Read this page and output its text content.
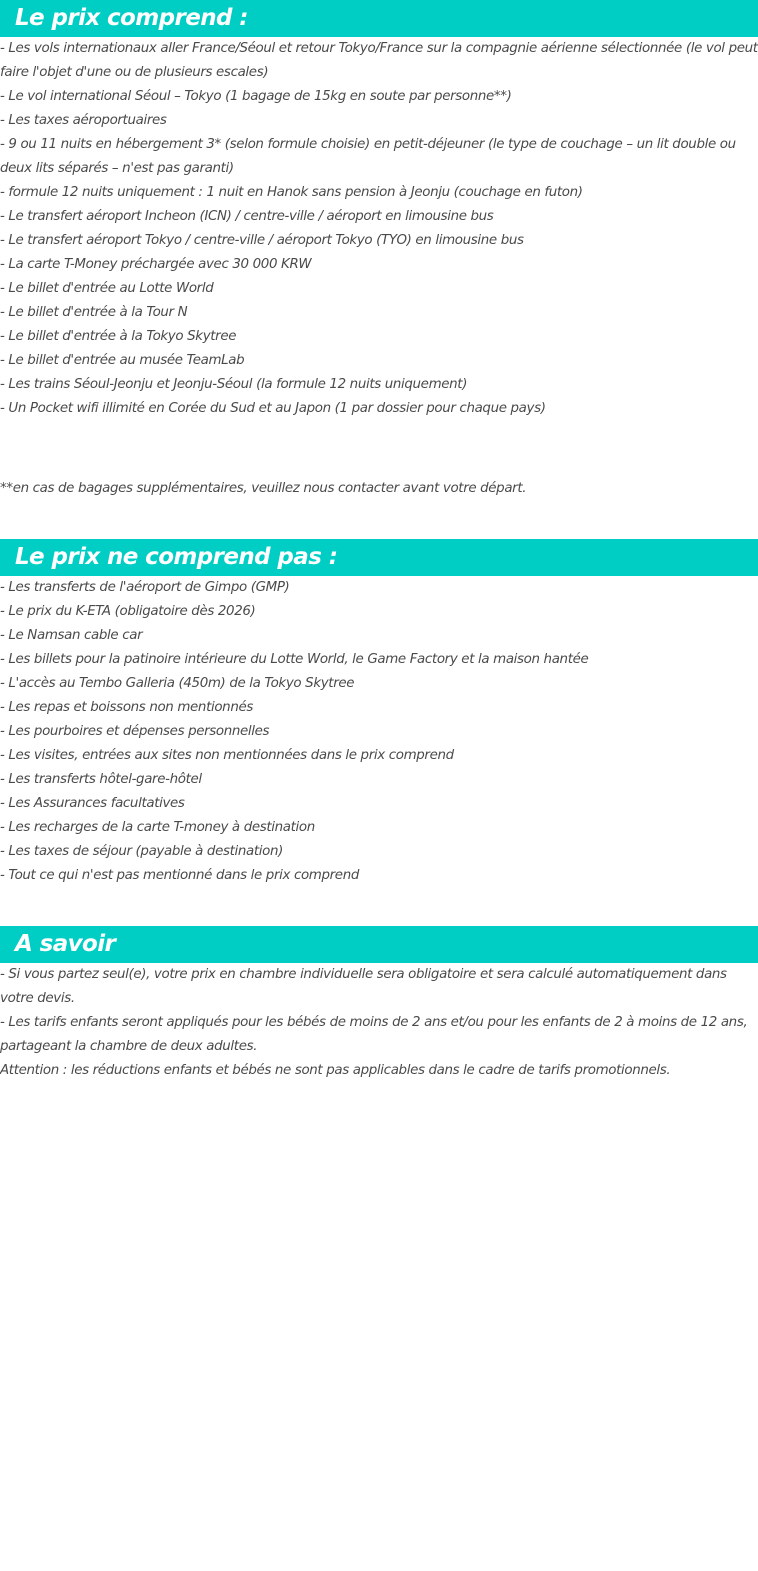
Le prix comprend :
- Les vols internationaux aller France/Séoul et retour Tokyo/France sur la compagnie aérienne sélectionnée (le vol peut faire l'objet d'une ou de plusieurs escales)
- Le vol international Séoul – Tokyo (1 bagage de 15kg en soute par personne**)
- Les taxes aéroportuaires
- 9 ou 11 nuits en hébergement 3* (selon formule choisie) en petit-déjeuner (le type de couchage – un lit double ou deux lits séparés – n'est pas garanti)
- formule 12 nuits uniquement : 1 nuit en Hanok sans pension à Jeonju (couchage en futon)
- Le transfert aéroport Incheon (ICN) / centre-ville / aéroport en limousine bus
- Le transfert aéroport Tokyo / centre-ville / aéroport Tokyo (TYO) en limousine bus
- La carte T-Money préchargée avec 30 000 KRW
- Le billet d'entrée au Lotte World
- Le billet d'entrée à la Tour N
- Le billet d'entrée à la Tokyo Skytree
- Le billet d'entrée au musée TeamLab
- Les trains Séoul-Jeonju et Jeonju-Séoul (la formule 12 nuits uniquement)
- Un Pocket wifi illimité en Corée du Sud et au Japon (1 par dossier pour chaque pays)

**en cas de bagages supplémentaires, veuillez nous contacter avant votre départ.

Le prix ne comprend pas :
- Les transferts de l'aéroport de Gimpo (GMP)
- Le prix du K-ETA (obligatoire dès 2026)
- Le Namsan cable car
- Les billets pour la patinoire intérieure du Lotte World, le Game Factory et la maison hantée
- L'accès au Tembo Galleria (450m) de la Tokyo Skytree
- Les repas et boissons non mentionnés
- Les pourboires et dépenses personnelles
- Les visites, entrées aux sites non mentionnées dans le prix comprend
- Les transferts hôtel-gare-hôtel
- Les Assurances facultatives
- Les recharges de la carte T-money à destination
- Les taxes de séjour (payable à destination)
- Tout ce qui n'est pas mentionné dans le prix comprend
A savoir
- Si vous partez seul(e), votre prix en chambre individuelle sera obligatoire et sera calculé automatiquement dans votre devis.
- Les tarifs enfants seront appliqués pour les bébés de moins de 2 ans et/ou pour les enfants de 2 à moins de 12 ans, partageant la chambre de deux adultes.
Attention : les réductions enfants et bébés ne sont pas applicables dans le cadre de tarifs promotionnels.
